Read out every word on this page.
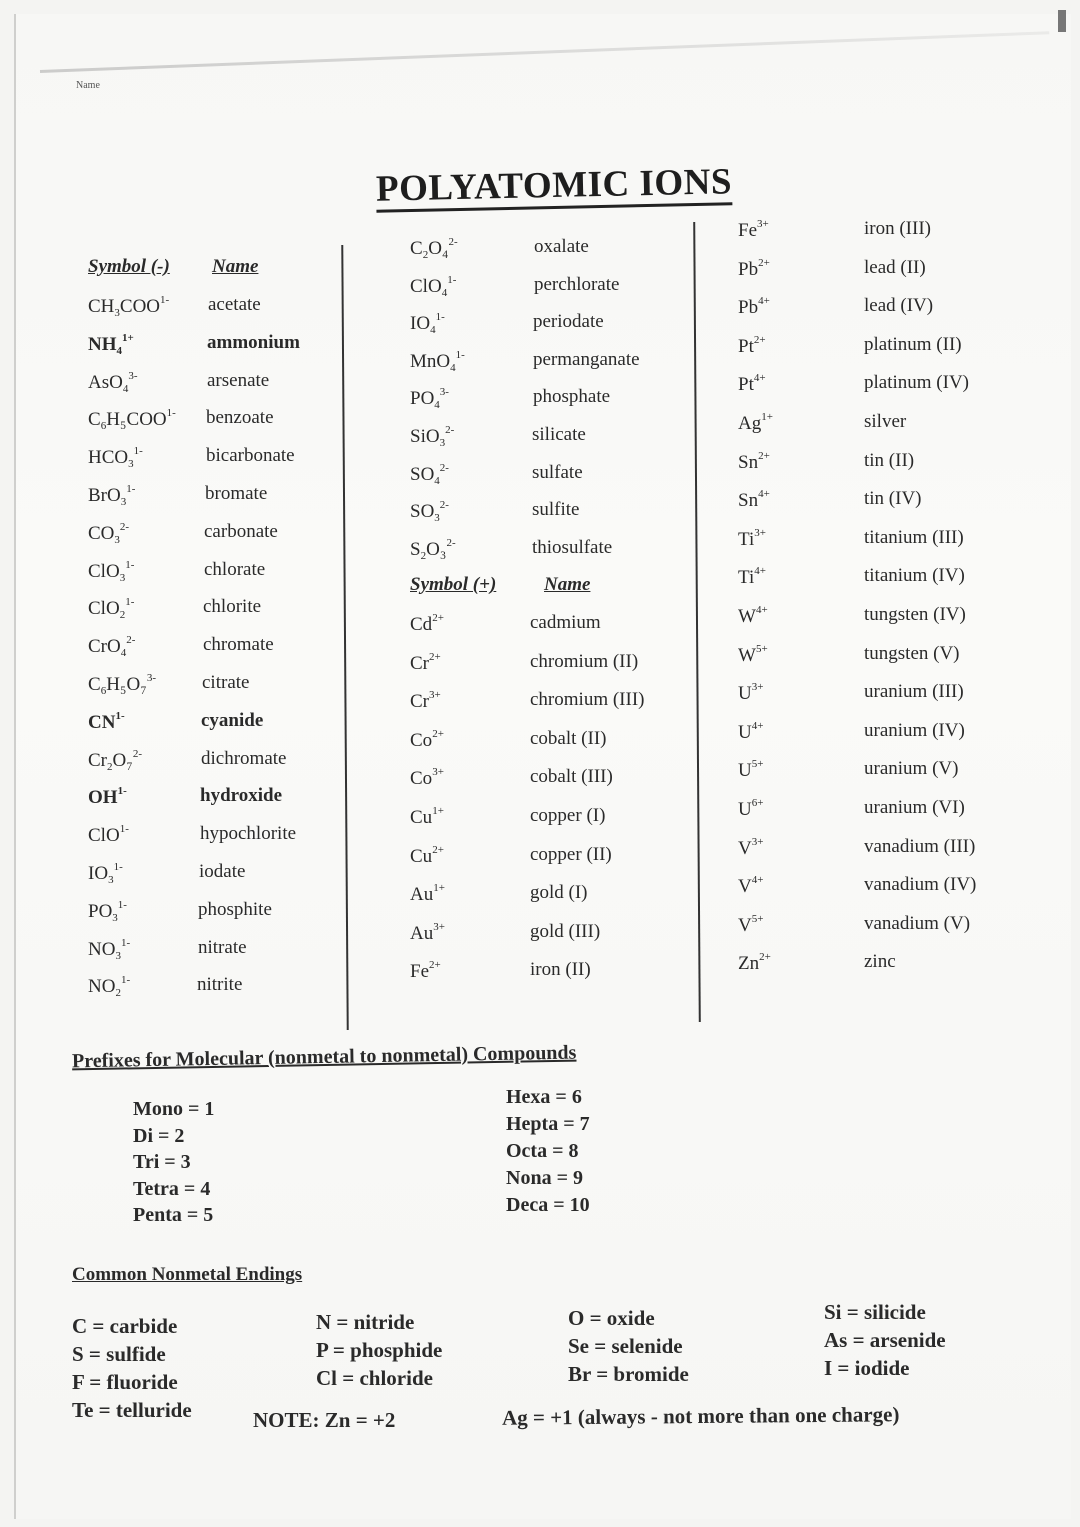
Name
POLYATOMIC IONS
Symbol (-) Name
$CH_3COO^{1-}$ acetate
$NH_4^{1+}$	ammonium
AsO$_4^{3-}$	arsenate
$C_6H_5COO^{1-}$ benzoate
$HCO_3^{1-}$	bicarbonate
BrO$_3^{1-}$	bromate
$CO_3^{2-}$	carbonate
ClO$_3^{1-}$	chlorate
ClO$_2^{1-}$	chlorite
CrO$_4^{2-}$	chromate
$C_6H_5O_7^{3-}$ citrate
$CN^{1-}$	cyanide
$Cr_2O_7^{2-}$	dichromate
$OH^{1-}$	hydroxide
ClO$^{1-}$	hypochlorite
$IO_3^{1-}$	iodate
$PO_3^{1-}$	phosphite
$NO_3^{1-}$	nitrate
$NO_2^{1-}$	nitrite
$C_2O_4^{2-}$	oxalate
ClO$_4^{1-}$	perchlorate
$IO_4^{1-}$	periodate
MnO$_4^{1-}$	permanganate
$PO_4^{3-}$	phosphate
SiO$_3^{2-}$	silicate
$SO_4^{2-}$	sulfate
$SO_3^{2-}$	sulfite
$S_2O_3^{2-}$	thiosulfate
Symbol (+)	Name
$Cd^{2+}$	cadmium
$Cr^{2+}$	chromium (II)
$Cr^{3+}$	chromium (III)
$Co^{2+}$	cobalt (II)
$Co^{3+}$	cobalt (III)
$Cu^{1+}$	copper (I)
$Cu^{2+}$	copper (II)
$Au^{1+}$	gold (I)
$Au^{3+}$	gold (III)
$Fe^{2+}$	iron (II)
$Fe^{3+}$	iron (III)
$Pb^{2+}$	lead (II)
$Pb^{4+}$	lead (IV)
$Pt^{2+}$	platinum (II)
$Pt^{4+}$	platinum (IV)
$Ag^{1+}$	silver
$Sn^{2+}$	tin (II)
$Sn^{4+}$	tin (IV)
$Ti^{3+}$	titanium (III)
$Ti^{4+}$	titanium (IV)
$W^{4+}$	tungsten (IV)
$W^{5+}$	tungsten (V)
$U^{3+}$	uranium (III)
$U^{4+}$	uranium (IV)
$U^{5+}$	uranium (V)
$U^{6+}$	uranium (VI)
$V^{3+}$	vanadium (III)
$V^{4+}$	vanadium (IV)
$V^{5+}$	vanadium (V)
$Zn^{2+}$	zinc
Prefixes for Molecular (nonmetal to nonmetal) Compounds
Common Nonmetal Endings
NOTE: Zn = +2	Ag = +1 (always - not more than one charge)
Mono = 1
Di = 2
Tri = 3
Tetra = 4
Penta = 5
Hexa = 6
Hepta = 7
Octa = 8
Nona = 9
Deca = 10
C = carbide
S = sulfide
F = fluoride
Te = telluride
N = nitride
P = phosphide
Cl = chloride
O = oxide
Se = selenide
Br = bromide
Si = silicide
As = arsenide
I = iodide
